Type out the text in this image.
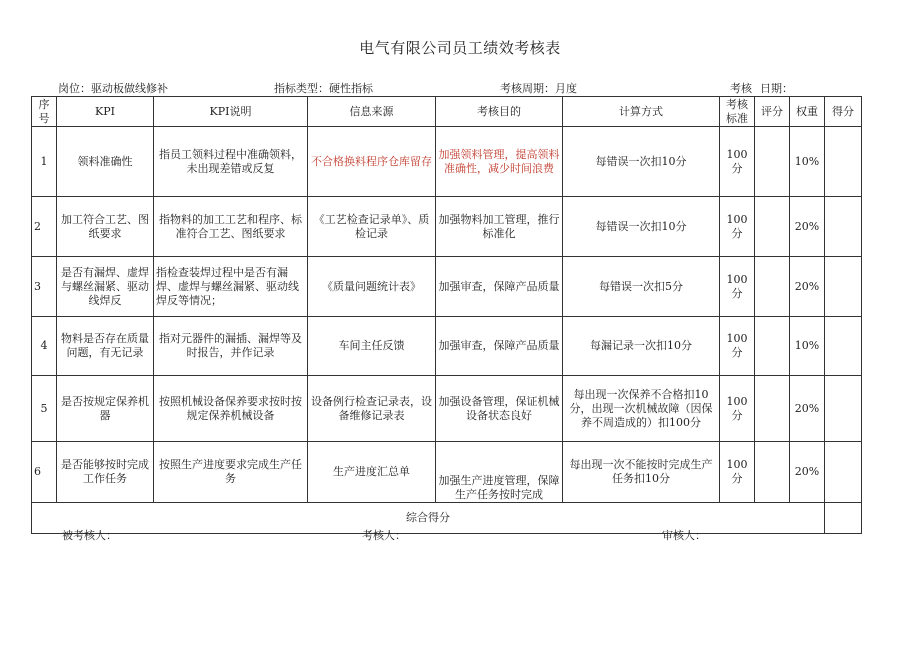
电气有限公司员工绩效考核表
岗位：驱动板做线修补	指标类型：硬性指标	考核周期：月度	考核 日期：
序号	KPI	KPI说明	信息来源	考核目的	计算方式	考核标准	评分	权重	得分
1	领料准确性	指员工领料过程中准确领料，未出现差错或反复	不合格换料程序仓库留存	加强领料管理，提高领料准确性，减少时间浪费	每错误一次扣10分	100分		10%	
2	加工符合工艺、图纸要求	指物料的加工工艺和程序、标准符合工艺、图纸要求	《工艺检查记录单》、质检记录	加强物料加工管理，推行标准化	每错误一次扣10分	100分		20%	
3	是否有漏焊、虚焊与螺丝漏紧、驱动线焊反	指检查装焊过程中是否有漏焊、虚焊与螺丝漏紧、驱动线焊反等情况；	《质量问题统计表》	加强审查，保障产品质量	每错误一次扣5分	100分		20%	
4	物料是否存在质量问题，有无记录	指对元器件的漏插、漏焊等及时报告，并作记录	车间主任反馈	加强审查，保障产品质量	每漏记录一次扣10分	100分		10%	
5	是否按规定保养机器	按照机械设备保养要求按时按规定保养机械设备	设备例行检查记录表，设备维修记录表	加强设备管理，保证机械设备状态良好	每出现一次保养不合格扣10分，出现一次机械故障（因保养不周造成的）扣100分	100分		20%	
6	是否能够按时完成工作任务	按照生产进度要求完成生产任务	生产进度汇总单	加强生产进度管理，保障生产任务按时完成	每出现一次不能按时完成生产任务扣10分	100分		20%	
综合得分									
被考核人：	考核人：	审核人：
